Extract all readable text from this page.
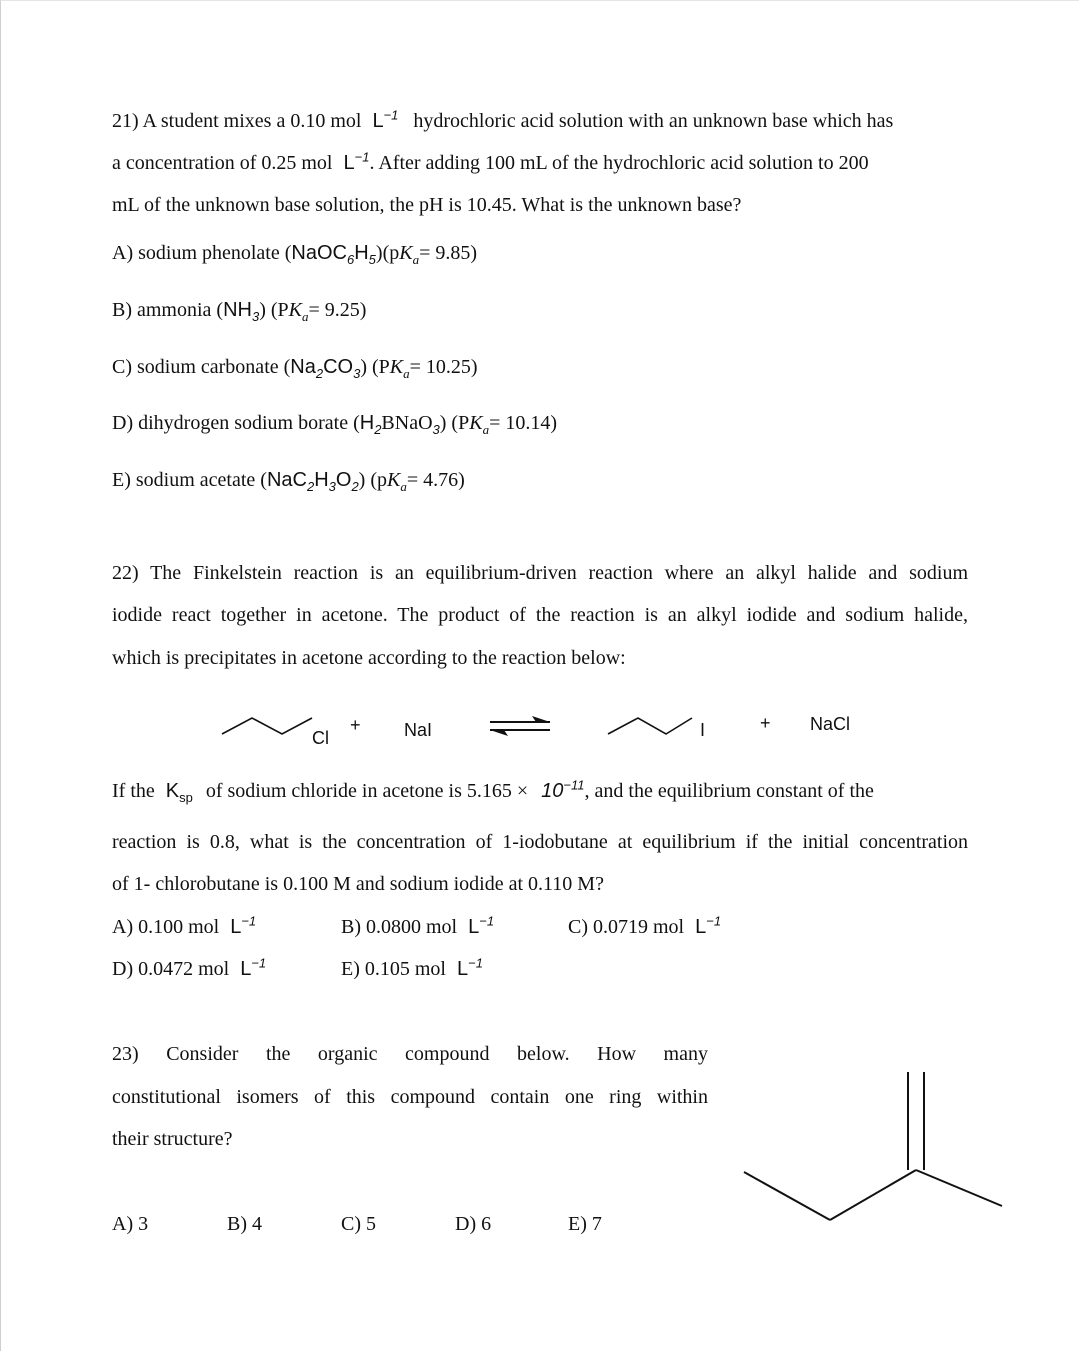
21) A student mixes a 0.10 mol $L^{-1}$ hydrochloric acid solution with an unknown base which has
a concentration of 0.25 mol $L^{-1}$. After adding 100 mL of the hydrochloric acid solution to 200
mL of the unknown base solution, the pH is 10.45. What is the unknown base?
A) sodium phenolate $(NaOC_6H_5)(pK_a= 9.85)$
B) ammonia $(NH_3)$ $(PK_a= 9.25)$
C) sodium carbonate $(Na_2CO_3)$ $(PK_a= 10.25)$
D) dihydrogen sodium borate $(H_2BNaO_3)$ $(PK_a= 10.14)$
E) sodium acetate $(NaC_2H_3O_2)$ $(pK_a= 4.76)$
22) The Finkelstein reaction is an equilibrium-driven reaction where an alkyl halide and sodium
iodide react together in acetone. The product of the reaction is an alkyl iodide and sodium halide,
which is precipitates in acetone according to the reaction below:
Cl
+ NaI	I	+ NaCl
If the $K_{sp}$ of sodium chloride in acetone is $5.165 \times 10^{-11}$, and the equilibrium constant of the
reaction is 0.8, what is the concentration of 1-iodobutane at equilibrium if the initial concentration
of 1- chlorobutane is 0.100 M and sodium iodide at 0.110 M?
A) 0.100 mol $L^{-1}$	B) 0.0800 mol $L^{-1}$	C) 0.0719 mol $L^{-1}$
D) 0.0472 mol $L^{-1}$	E) 0.105 mol $L^{-1}$
23) Consider the organic compound below. How many
constitutional isomers of this compound contain one ring within
their structure?
A) 3	B) 4	C) 5	D) 6	E) 7
